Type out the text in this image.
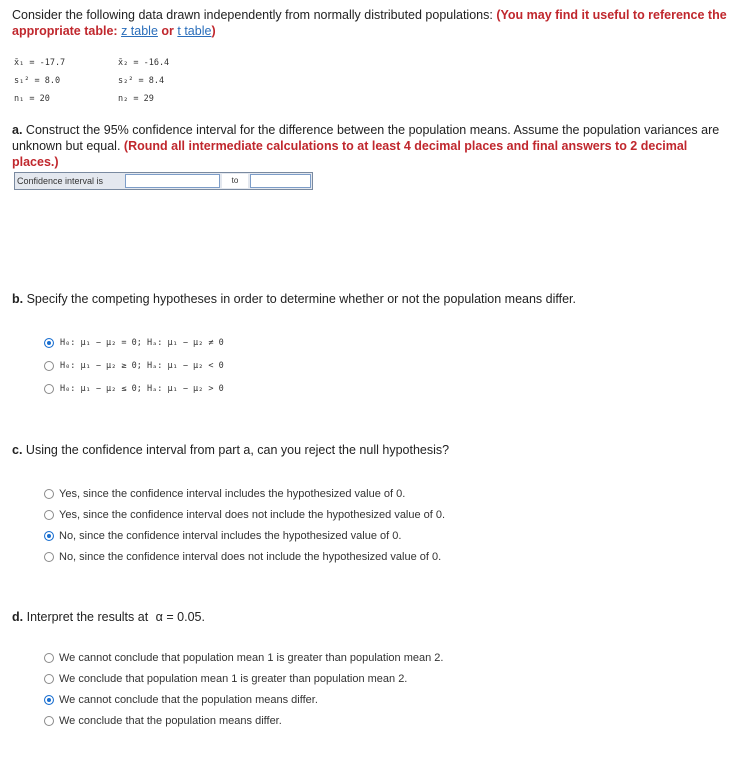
Consider the following data drawn independently from normally distributed populations: (You may find it useful to reference the appropriate table: z table or t table)
x̄₁ = -17.7	x̄₂ = -16.4
s₁² = 8.0	s₂² = 8.4
n₁ = 20	n₂ = 29
a. Construct the 95% confidence interval for the difference between the population means. Assume the population variances are unknown but equal. (Round all intermediate calculations to at least 4 decimal places and final answers to 2 decimal places.)
Confidence interval is	to
b. Specify the competing hypotheses in order to determine whether or not the population means differ.
H₀: μ₁ − μ₂ = 0; Hₐ: μ₁ − μ₂ ≠ 0
H₀: μ₁ − μ₂ ≥ 0; Hₐ: μ₁ − μ₂ < 0
H₀: μ₁ − μ₂ ≤ 0; Hₐ: μ₁ − μ₂ > 0
c. Using the confidence interval from part a, can you reject the null hypothesis?
Yes, since the confidence interval includes the hypothesized value of 0.
Yes, since the confidence interval does not include the hypothesized value of 0.
No, since the confidence interval includes the hypothesized value of 0.
No, since the confidence interval does not include the hypothesized value of 0.
d. Interpret the results at α = 0.05.
We cannot conclude that population mean 1 is greater than population mean 2.
We conclude that population mean 1 is greater than population mean 2.
We cannot conclude that the population means differ.
We conclude that the population means differ.
